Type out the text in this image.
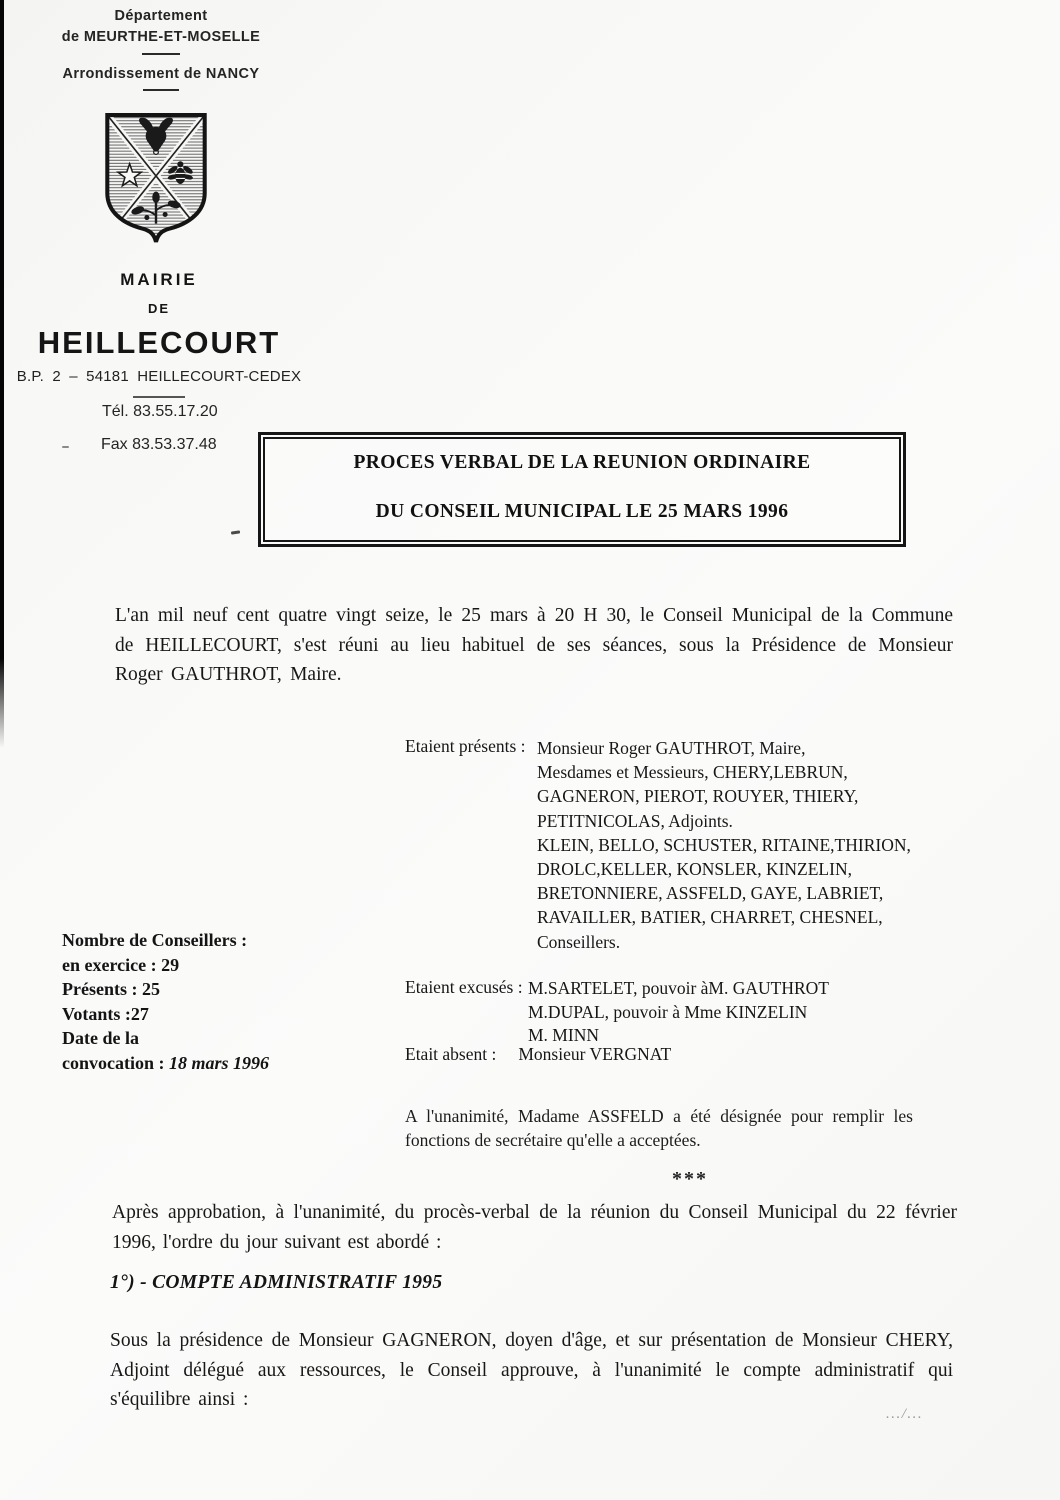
Département
de MEURTHE-ET-MOSELLE
Arrondissement de NANCY
MAIRIE
DE
HEILLECOURT
B.P. 2 – 54181 HEILLECOURT-CEDEX
Tél. 83.55.17.20
Fax 83.53.37.48
PROCES VERBAL DE LA REUNION ORDINAIRE
DU CONSEIL MUNICIPAL LE 25 MARS 1996
L'an mil neuf cent quatre vingt seize, le 25 mars à 20 H 30, le Conseil Municipal de la Commune de HEILLECOURT, s'est réuni au lieu habituel de ses séances, sous la Présidence de Monsieur Roger GAUTHROT, Maire.
Etaient présents : Monsieur Roger GAUTHROT, Maire,
Mesdames et Messieurs, CHERY,LEBRUN,
GAGNERON, PIEROT, ROUYER, THIERY,
PETITNICOLAS, Adjoints.
KLEIN, BELLO, SCHUSTER, RITAINE,THIRION,
DROLC,KELLER, KONSLER, KINZELIN,
BRETONNIERE, ASSFELD, GAYE, LABRIET,
RAVAILLER, BATIER, CHARRET, CHESNEL,
Conseillers.
Nombre de Conseillers :
en exercice : 29
Présents : 25
Votants :27
Date de la
convocation : 18 mars 1996
Etaient excusés : M.SARTELET, pouvoir àM. GAUTHROT
M.DUPAL, pouvoir à Mme KINZELIN
M. MINN
Etait absent : Monsieur VERGNAT
A l'unanimité, Madame ASSFELD a été désignée pour remplir les fonctions de secrétaire qu'elle a acceptées.
***
Après approbation, à l'unanimité, du procès-verbal de la réunion du Conseil Municipal du 22 février 1996, l'ordre du jour suivant est abordé :
1°) - COMPTE ADMINISTRATIF 1995
Sous la présidence de Monsieur GAGNERON, doyen d'âge, et sur présentation de Monsieur CHERY, Adjoint délégué aux ressources, le Conseil approuve, à l'unanimité le compte administratif qui s'équilibre ainsi :
.../...
